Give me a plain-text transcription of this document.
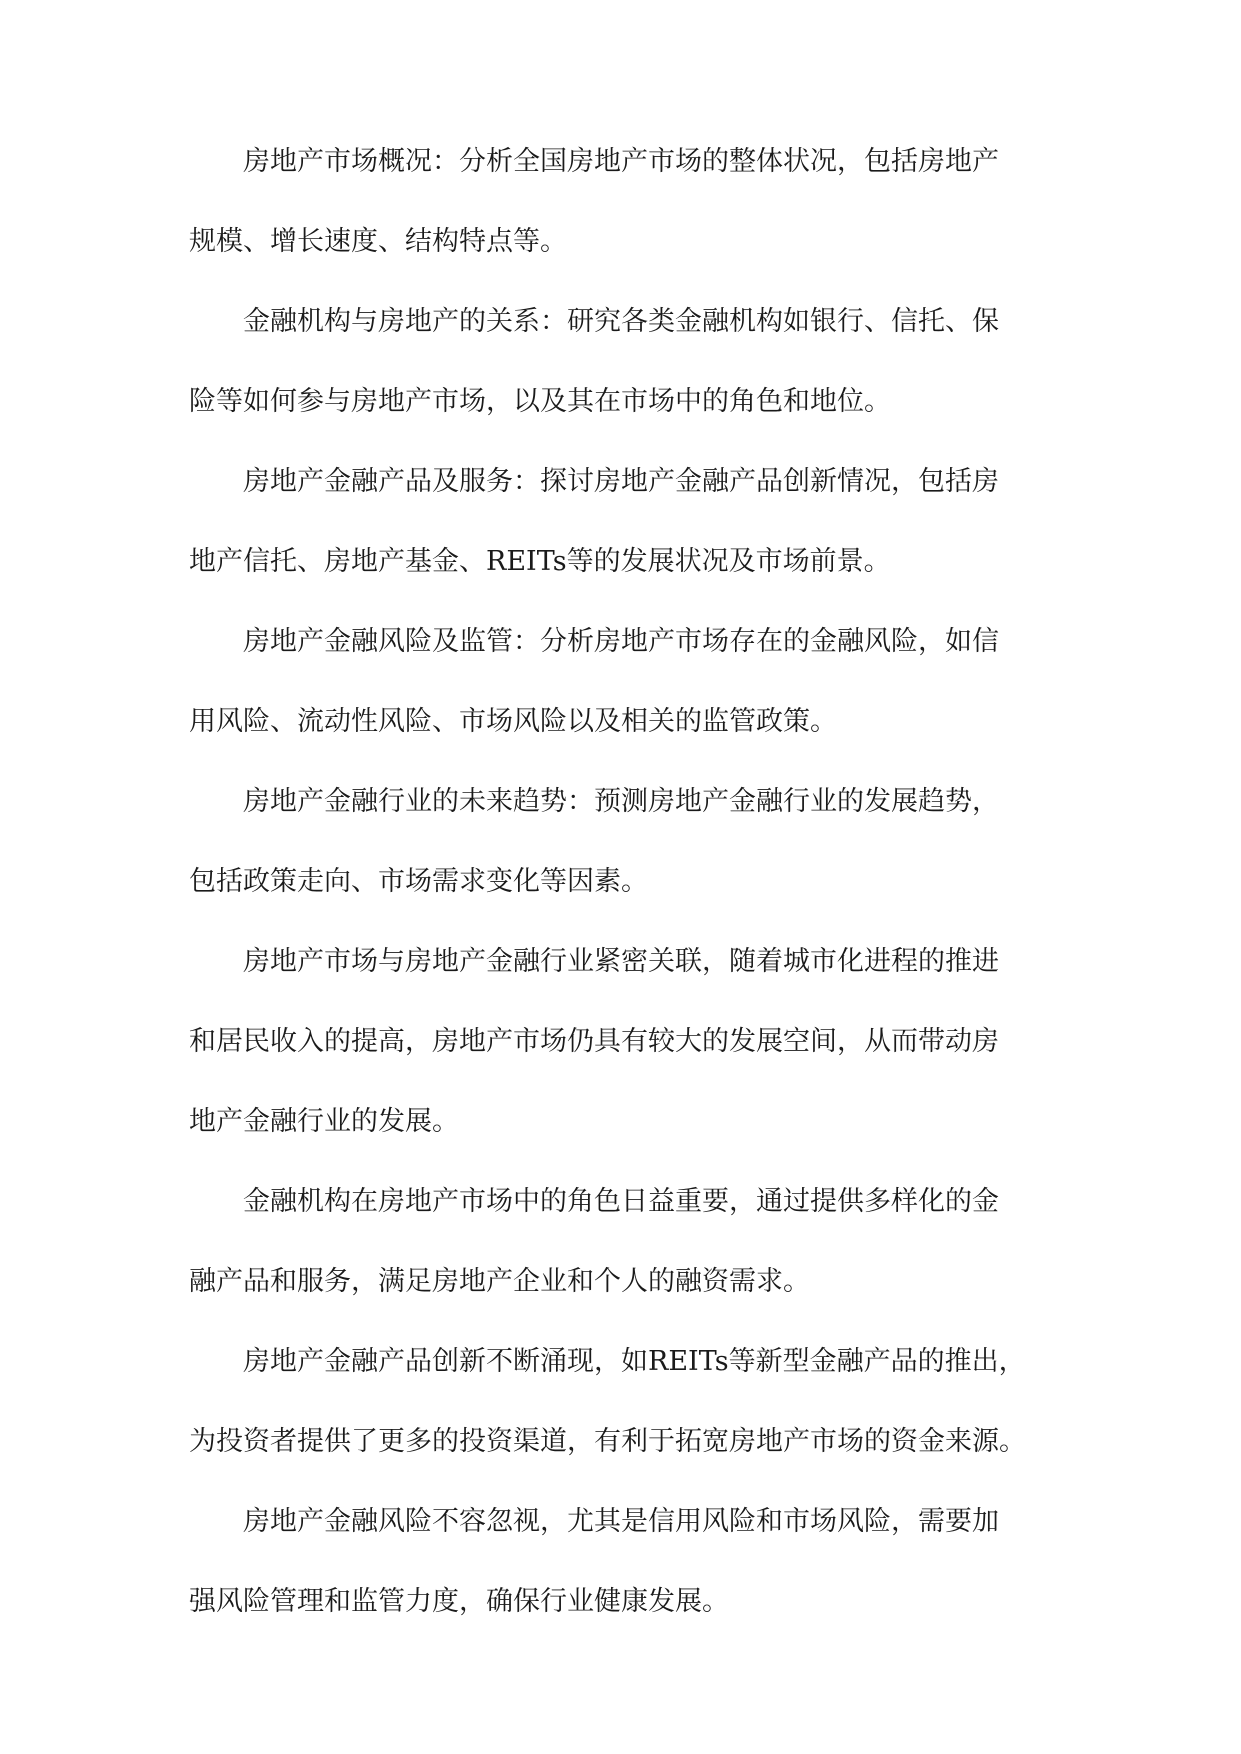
房地产市场概况：分析全国房地产市场的整体状况，包括房地产
规模、增长速度、结构特点等。
金融机构与房地产的关系：研究各类金融机构如银行、信托、保
险等如何参与房地产市场，以及其在市场中的角色和地位。
房地产金融产品及服务：探讨房地产金融产品创新情况，包括房
地产信托、房地产基金、REITs等的发展状况及市场前景。
房地产金融风险及监管：分析房地产市场存在的金融风险，如信
用风险、流动性风险、市场风险以及相关的监管政策。
房地产金融行业的未来趋势：预测房地产金融行业的发展趋势，
包括政策走向、市场需求变化等因素。
房地产市场与房地产金融行业紧密关联，随着城市化进程的推进
和居民收入的提高，房地产市场仍具有较大的发展空间，从而带动房
地产金融行业的发展。
金融机构在房地产市场中的角色日益重要，通过提供多样化的金
融产品和服务，满足房地产企业和个人的融资需求。
房地产金融产品创新不断涌现，如REITs等新型金融产品的推出，
为投资者提供了更多的投资渠道，有利于拓宽房地产市场的资金来源。
房地产金融风险不容忽视，尤其是信用风险和市场风险，需要加
强风险管理和监管力度，确保行业健康发展。
